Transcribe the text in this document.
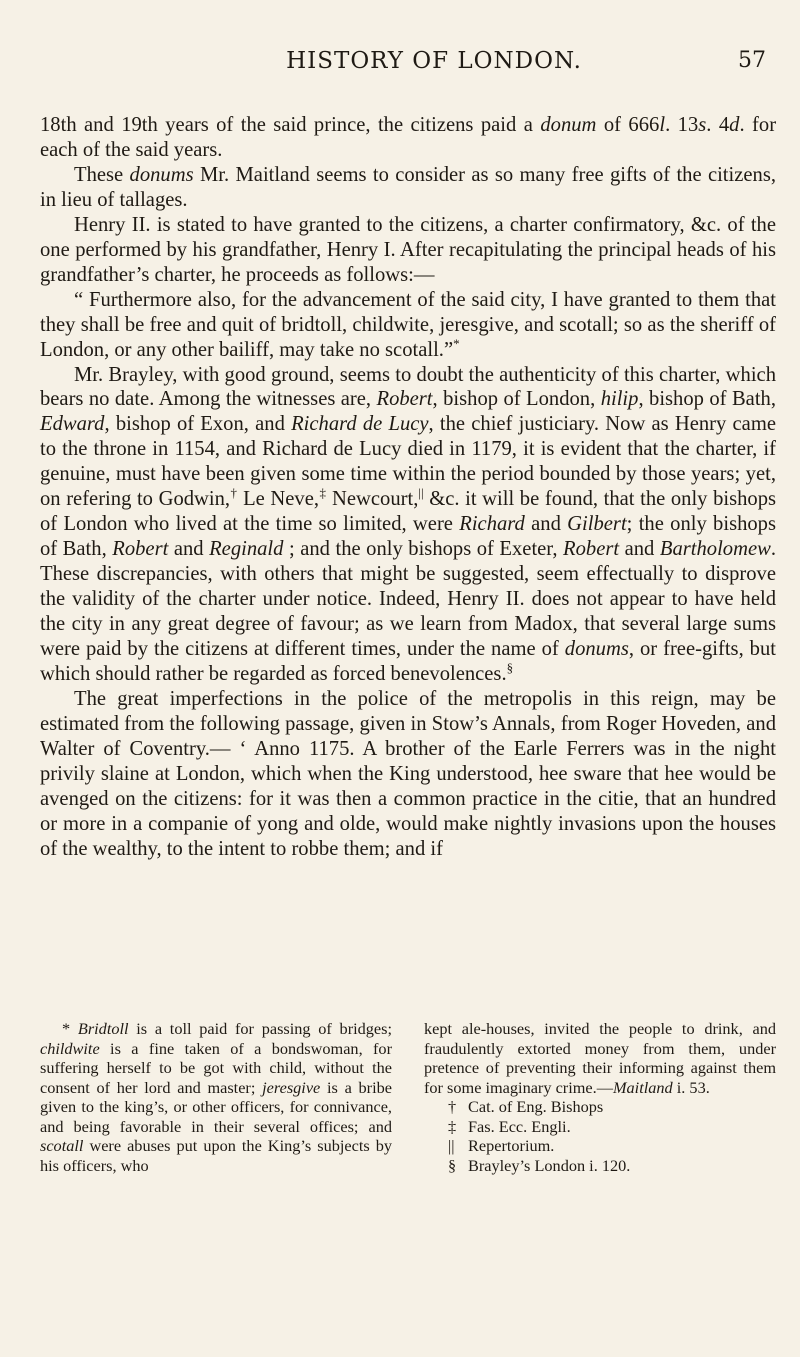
HISTORY OF LONDON.	57

18th and 19th years of the said prince, the citizens paid a donum of 666l. 13s. 4d. for each of the said years.

These donums Mr. Maitland seems to consider as so many free gifts of the citizens, in lieu of tallages.

Henry II. is stated to have granted to the citizens, a charter confirmatory, &c. of the one performed by his grandfather, Henry I. After recapitulating the principal heads of his grandfather’s charter, he proceeds as follows:—

“ Furthermore also, for the advancement of the said city, I have granted to them that they shall be free and quit of bridtoll, childwite, jeresgive, and scotall; so as the sheriff of London, or any other bailiff, may take no scotall.”*

Mr. Brayley, with good ground, seems to doubt the authenticity of this charter, which bears no date. Among the witnesses are, Robert, bishop of London, hilip, bishop of Bath, Edward, bishop of Exon, and Richard de Lucy, the chief justiciary. Now as Henry came to the throne in 1154, and Richard de Lucy died in 1179, it is evident that the charter, if genuine, must have been given some time within the period bounded by those years; yet, on refering to Godwin,† Le Neve,‡ Newcourt,|| &c. it will be found, that the only bishops of London who lived at the time so limited, were Richard and Gilbert; the only bishops of Bath, Robert and Reginald ; and the only bishops of Exeter, Robert and Bartholomew. These discrepancies, with others that might be suggested, seem effectually to disprove the validity of the charter under notice. Indeed, Henry II. does not appear to have held the city in any great degree of favour; as we learn from Madox, that several large sums were paid by the citizens at different times, under the name of donums, or free-gifts, but which should rather be regarded as forced benevolences.§

The great imperfections in the police of the metropolis in this reign, may be estimated from the following passage, given in Stow’s Annals, from Roger Hoveden, and Walter of Coventry.— ‘ Anno 1175. A brother of the Earle Ferrers was in the night privily slaine at London, which when the King understood, hee sware that hee would be avenged on the citizens: for it was then a common practice in the citie, that an hundred or more in a companie of yong and olde, would make nightly invasions upon the houses of the wealthy, to the intent to robbe them; and if

* Bridtoll is a toll paid for passing of bridges; childwite is a fine taken of a bondswoman, for suffering herself to be got with child, without the consent of her lord and master; jeresgive is a bribe given to the king’s, or other officers, for connivance, and being favorable in their several offices; and scotall were abuses put upon the King’s subjects by his officers, who

kept ale-houses, invited the people to drink, and fraudulently extorted money from them, under pretence of preventing their informing against them for some imaginary crime.—Maitland i. 53.

† Cat. of Eng. Bishops

‡ Fas. Ecc. Engli.

|| Repertorium.

§ Brayley’s London i. 120.
